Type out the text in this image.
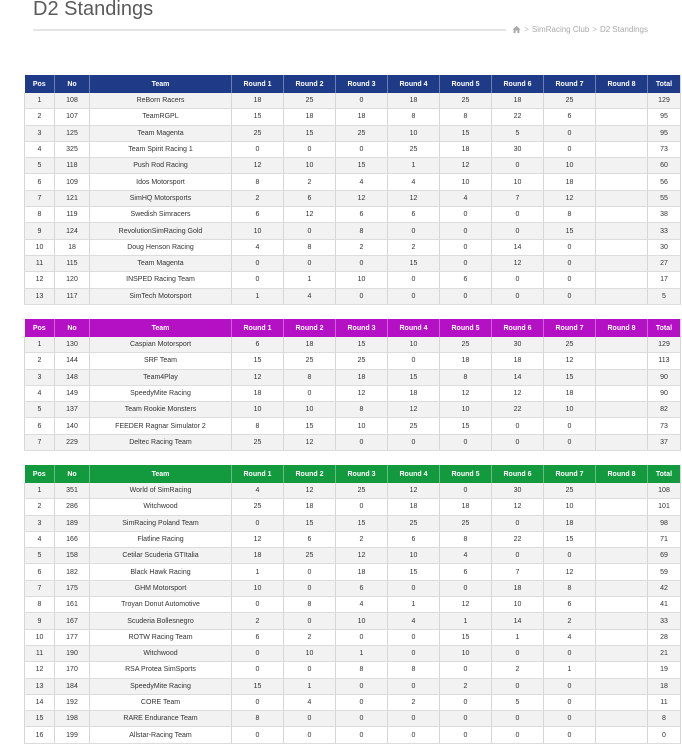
D2 Standings
> SimRacing Club > D2 Standings
Pos	No	Team	Round 1	Round 2	Round 3	Round 4	Round 5	Round 6	Round 7	Round 8	Total
1	108	ReBorn Racers	18	25	0	18	25	18	25		129
2	107	TeamRGPL	15	18	18	8	8	22	6		95
3	125	Team Magenta	25	15	25	10	15	5	0		95
4	325	Team Spirit Racing 1	0	0	0	25	18	30	0		73
5	118	Push Rod Racing	12	10	15	1	12	0	10		60
6	109	Idos Motorsport	8	2	4	4	10	10	18		56
7	121	SimHQ Motorsports	2	6	12	12	4	7	12		55
8	119	Swedish Simracers	6	12	6	6	0	0	8		38
9	124	RevolutionSimRacing Gold	10	0	8	0	0	0	15		33
10	18	Doug Henson Racing	4	8	2	2	0	14	0		30
11	115	Team Magenta	0	0	0	15	0	12	0		27
12	120	INSPED Racing Team	0	1	10	0	6	0	0		17
13	117	SimTech Motorsport	1	4	0	0	0	0	0		5
Pos	No	Team	Round 1	Round 2	Round 3	Round 4	Round 5	Round 6	Round 7	Round 8	Total
1	130	Caspian Motorsport	6	18	15	10	25	30	25		129
2	144	SRF Team	15	25	25	0	18	18	12		113
3	148	Team4Play	12	8	18	15	8	14	15		90
4	149	SpeedyMite Racing	18	0	12	18	12	12	18		90
5	137	Team Rookie Monsters	10	10	8	12	10	22	10		82
6	140	FEEDER Ragnar Simulator 2	8	15	10	25	15	0	0		73
7	229	Deltec Racing Team	25	12	0	0	0	0	0		37
Pos	No	Team	Round 1	Round 2	Round 3	Round 4	Round 5	Round 6	Round 7	Round 8	Total
1	351	World of SimRacing	4	12	25	12	0	30	25		108
2	286	Witchwood	25	18	0	18	18	12	10		101
3	189	SimRacing Poland Team	0	15	15	25	25	0	18		98
4	166	Flatline Racing	12	6	2	6	8	22	15		71
5	158	Cetilar Scuderia GTItalia	18	25	12	10	4	0	0		69
6	182	Black Hawk Racing	1	0	18	15	6	7	12		59
7	175	GHM Motorsport	10	0	6	0	0	18	8		42
8	161	Troyan Donut Automotive	0	8	4	1	12	10	6		41
9	167	Scuderia Bollesnegro	2	0	10	4	1	14	2		33
10	177	ROTW Racing Team	6	2	0	0	15	1	4		28
11	190	Witchwood	0	10	1	0	10	0	0		21
12	170	RSA Protea SimSports	0	0	8	8	0	2	1		19
13	184	SpeedyMite Racing	15	1	0	0	2	0	0		18
14	192	CORE Team	0	4	0	2	0	5	0		11
15	198	RARE Endurance Team	8	0	0	0	0	0	0		8
16	199	Allstar-Racing Team	0	0	0	0	0	0	0		0
